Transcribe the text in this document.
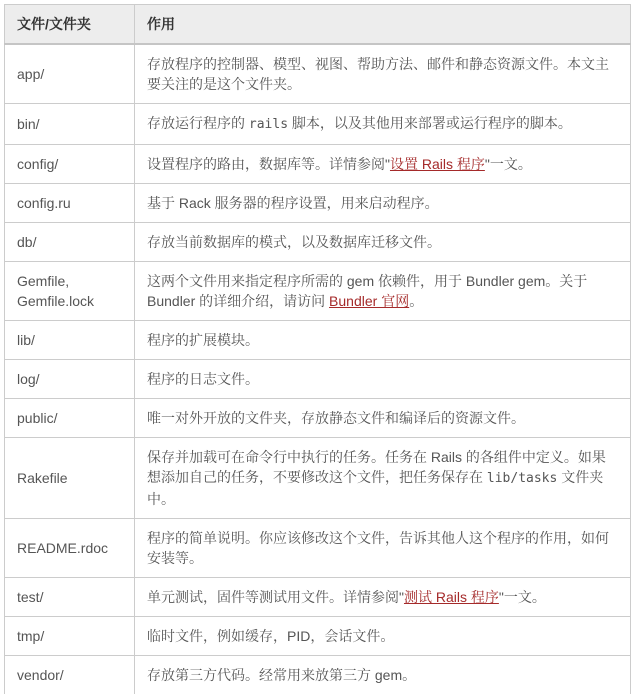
文件/文件夹	作用
app/	存放程序的控制器、模型、视图、帮助方法、邮件和静态资源文件。本文主要关注的是这个文件夹。
bin/	存放运行程序的 rails 脚本，以及其他用来部署或运行程序的脚本。
config/	设置程序的路由，数据库等。详情参阅"设置 Rails 程序"一文。
config.ru	基于 Rack 服务器的程序设置，用来启动程序。
db/	存放当前数据库的模式，以及数据库迁移文件。
Gemfile, Gemfile.lock	这两个文件用来指定程序所需的 gem 依赖件，用于 Bundler gem。关于 Bundler 的详细介绍，请访问 Bundler 官网。
lib/	程序的扩展模块。
log/	程序的日志文件。
public/	唯一对外开放的文件夹，存放静态文件和编译后的资源文件。
Rakefile	保存并加载可在命令行中执行的任务。任务在 Rails 的各组件中定义。如果想添加自己的任务，不要修改这个文件，把任务保存在 lib/tasks 文件夹中。
README.rdoc	程序的简单说明。你应该修改这个文件，告诉其他人这个程序的作用，如何安装等。
test/	单元测试，固件等测试用文件。详情参阅"测试 Rails 程序"一文。
tmp/	临时文件，例如缓存，PID，会话文件。
vendor/	存放第三方代码。经常用来放第三方 gem。
